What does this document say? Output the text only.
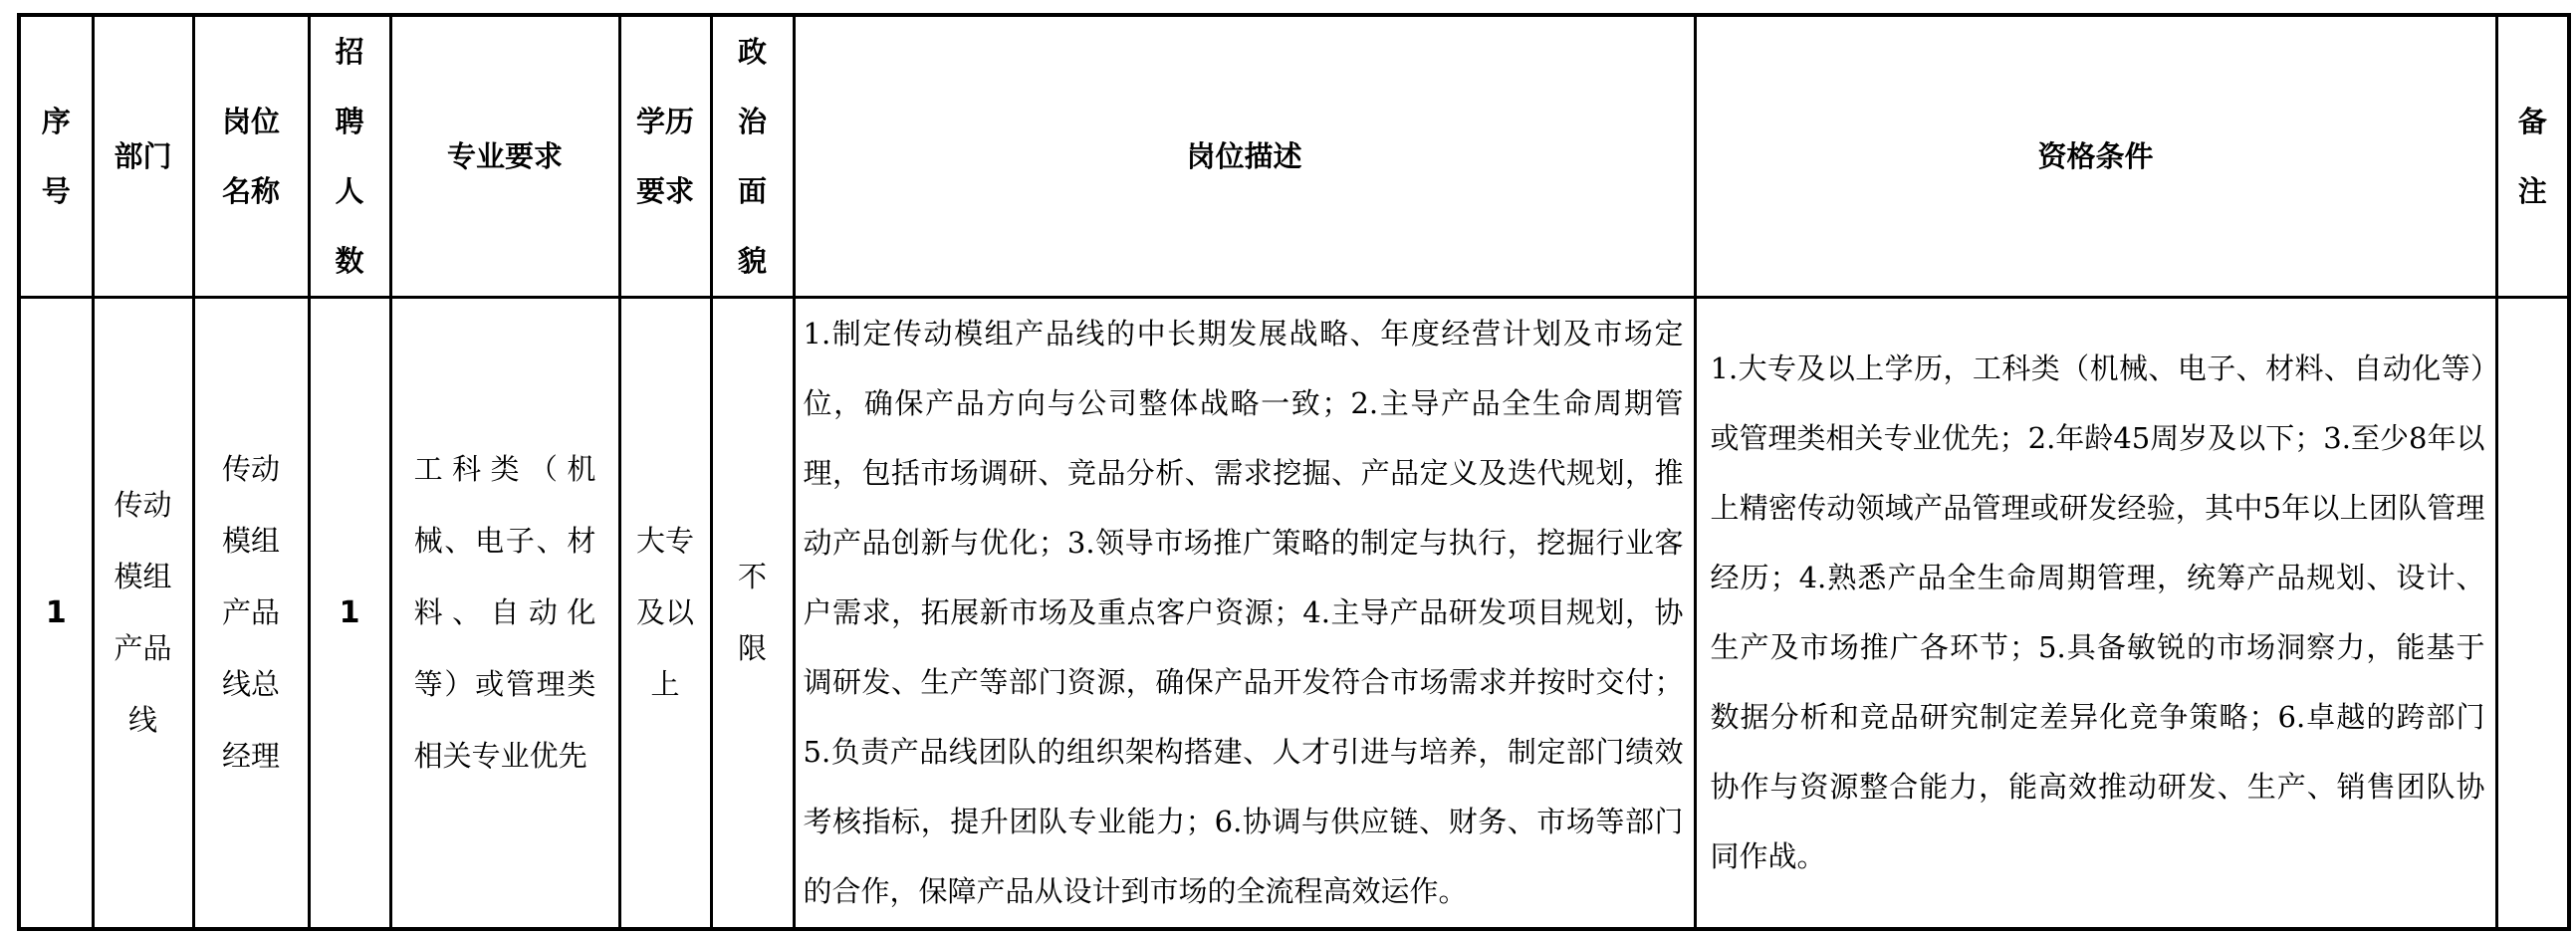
序号	部门	岗位名称	招聘人数	专业要求	学历要求	政治面貌	岗位描述	资格条件	备注
1	传动模组产品线	传动模组产品线总经理	1	工科类（机械、电子、材料、自动化等）或管理类相关专业优先	大专及以上	不限	1.制定传动模组产品线的中长期发展战略、年度经营计划及市场定位，确保产品方向与公司整体战略一致；2.主导产品全生命周期管理，包括市场调研、竞品分析、需求挖掘、产品定义及迭代规划，推动产品创新与优化；3.领导市场推广策略的制定与执行，挖掘行业客户需求，拓展新市场及重点客户资源；4.主导产品研发项目规划，协调研发、生产等部门资源，确保产品开发符合市场需求并按时交付；5.负责产品线团队的组织架构搭建、人才引进与培养，制定部门绩效考核指标，提升团队专业能力；6.协调与供应链、财务、市场等部门的合作，保障产品从设计到市场的全流程高效运作。	1.大专及以上学历，工科类（机械、电子、材料、自动化等）或管理类相关专业优先；2.年龄45周岁及以下；3.至少8年以上精密传动领域产品管理或研发经验，其中5年以上团队管理经历；4.熟悉产品全生命周期管理，统筹产品规划、设计、生产及市场推广各环节；5.具备敏锐的市场洞察力，能基于数据分析和竞品研究制定差异化竞争策略；6.卓越的跨部门协作与资源整合能力，能高效推动研发、生产、销售团队协同作战。	
